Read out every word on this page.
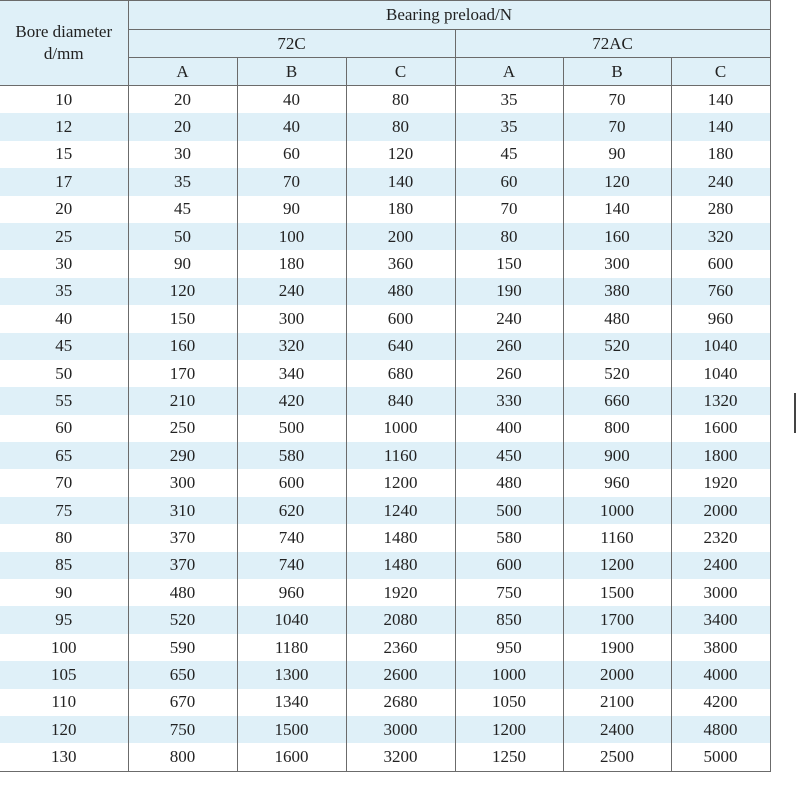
Bore diameter d/mm	Bearing preload/N					
	72C			72AC		
	A	B	C	A	B	C
10	20	40	80	35	70	140
12	20	40	80	35	70	140
15	30	60	120	45	90	180
17	35	70	140	60	120	240
20	45	90	180	70	140	280
25	50	100	200	80	160	320
30	90	180	360	150	300	600
35	120	240	480	190	380	760
40	150	300	600	240	480	960
45	160	320	640	260	520	1040
50	170	340	680	260	520	1040
55	210	420	840	330	660	1320
60	250	500	1000	400	800	1600
65	290	580	1160	450	900	1800
70	300	600	1200	480	960	1920
75	310	620	1240	500	1000	2000
80	370	740	1480	580	1160	2320
85	370	740	1480	600	1200	2400
90	480	960	1920	750	1500	3000
95	520	1040	2080	850	1700	3400
100	590	1180	2360	950	1900	3800
105	650	1300	2600	1000	2000	4000
110	670	1340	2680	1050	2100	4200
120	750	1500	3000	1200	2400	4800
130	800	1600	3200	1250	2500	5000
